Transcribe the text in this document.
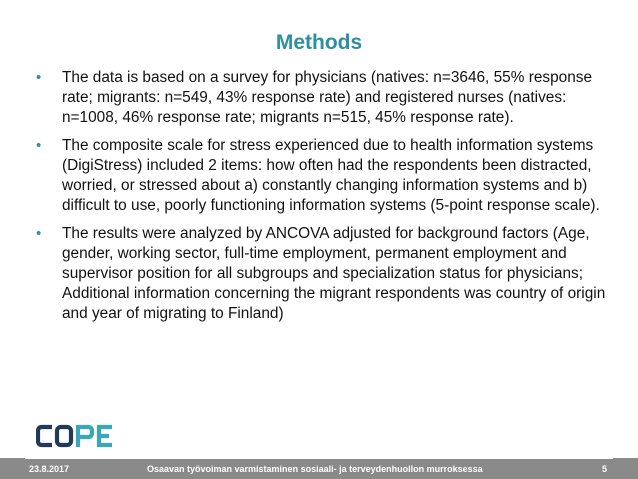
Methods
• The data is based on a survey for physicians (natives: n=3646, 55% response rate; migrants: n=549, 43% response rate) and registered nurses (natives: n=1008, 46% response rate; migrants n=515, 45% response rate).
• The composite scale for stress experienced due to health information systems (DigiStress) included 2 items: how often had the respondents been distracted, worried, or stressed about a) constantly changing information systems and b) difficult to use, poorly functioning information systems (5-point response scale).
• The results were analyzed by ANCOVA adjusted for background factors (Age, gender, working sector, full-time employment, permanent employment and supervisor position for all subgroups and specialization status for physicians; Additional information concerning the migrant respondents was country of origin and year of migrating to Finland)
23.8.2017	Osaavan työvoiman varmistaminen sosiaali- ja terveydenhuollon murroksessa	5
